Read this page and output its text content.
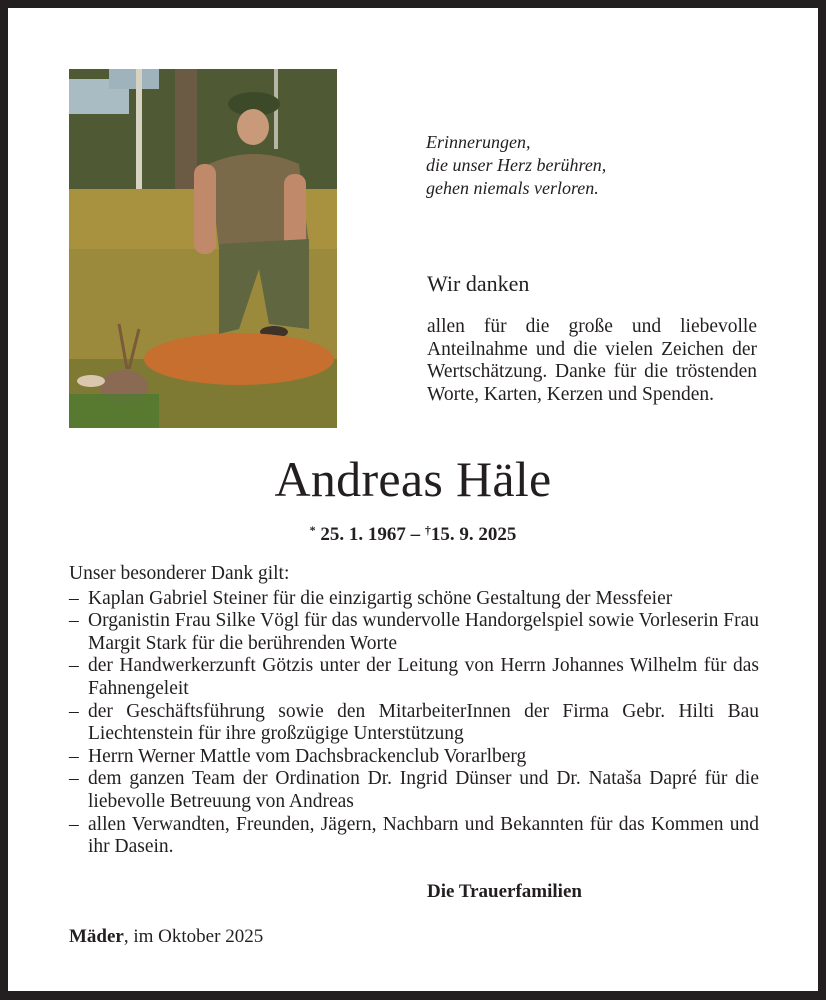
Erinnerungen,
die unser Herz berühren,
gehen niemals verloren.
Wir danken
allen für die große und liebevolle Anteilnahme und die vielen Zeichen der Wertschätzung. Danke für die tröstenden Worte, Karten, Kerzen und Spenden.
Andreas Häle
* 25. 1. 1967 – †15. 9. 2025
Unser besonderer Dank gilt:
– Kaplan Gabriel Steiner für die einzigartig schöne Gestaltung der Messfeier
– Organistin Frau Silke Vögl für das wundervolle Handorgelspiel sowie Vorleserin Frau Margit Stark für die berührenden Worte
– der Handwerkerzunft Götzis unter der Leitung von Herrn Johannes Wilhelm für das Fahnengeleit
– der Geschäftsführung sowie den MitarbeiterInnen der Firma Gebr. Hilti Bau Liechtenstein für ihre großzügige Unterstützung
– Herrn Werner Mattle vom Dachsbrackenclub Vorarlberg
– dem ganzen Team der Ordination Dr. Ingrid Dünser und Dr. Nataša Dapré für die liebevolle Betreuung von Andreas
– allen Verwandten, Freunden, Jägern, Nachbarn und Bekannten für das Kommen und ihr Dasein.
Die Trauerfamilien
Mäder, im Oktober 2025
